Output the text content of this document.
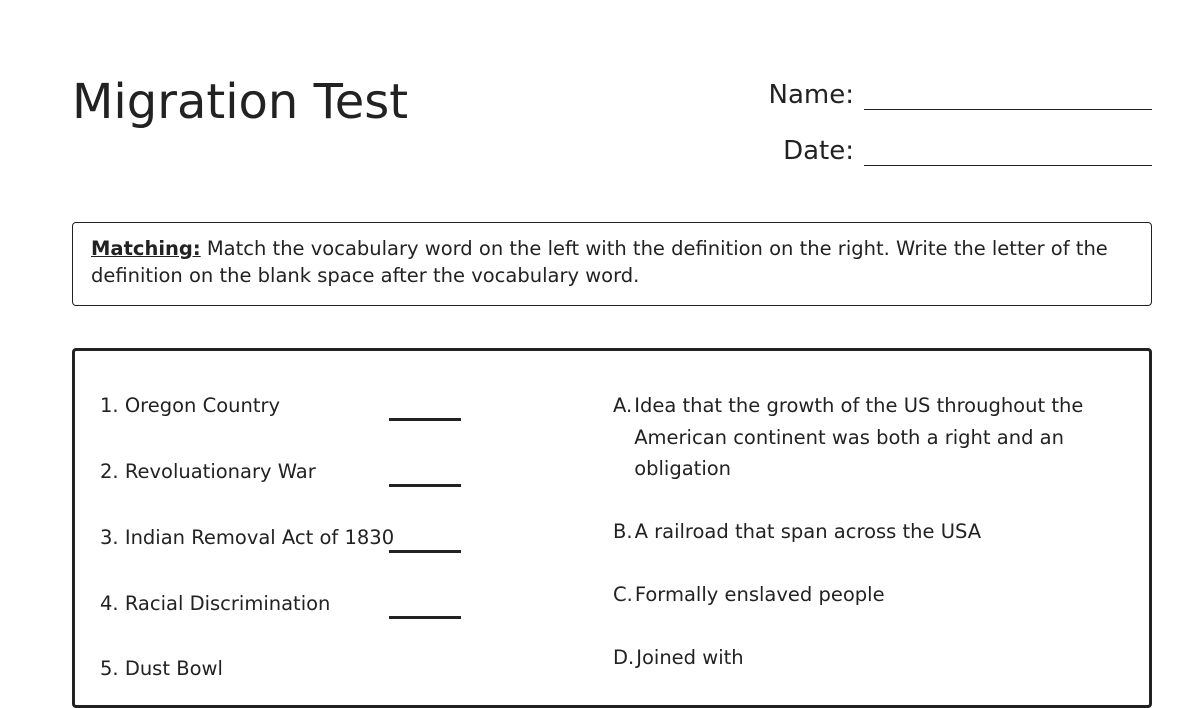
Migration Test	Name:
Date:
Matching: Match the vocabulary word on the left with the definition on the right. Write the letter of the definition on the blank space after the vocabulary word.
1. Oregon Country
2. Revoluationary War
3. Indian Removal Act of 1830
4. Racial Discrimination
5. Dust Bowl
A. Idea that the growth of the US throughout the American continent was both a right and an obligation
B. A railroad that span across the USA
C. Formally enslaved people
D. Joined with
